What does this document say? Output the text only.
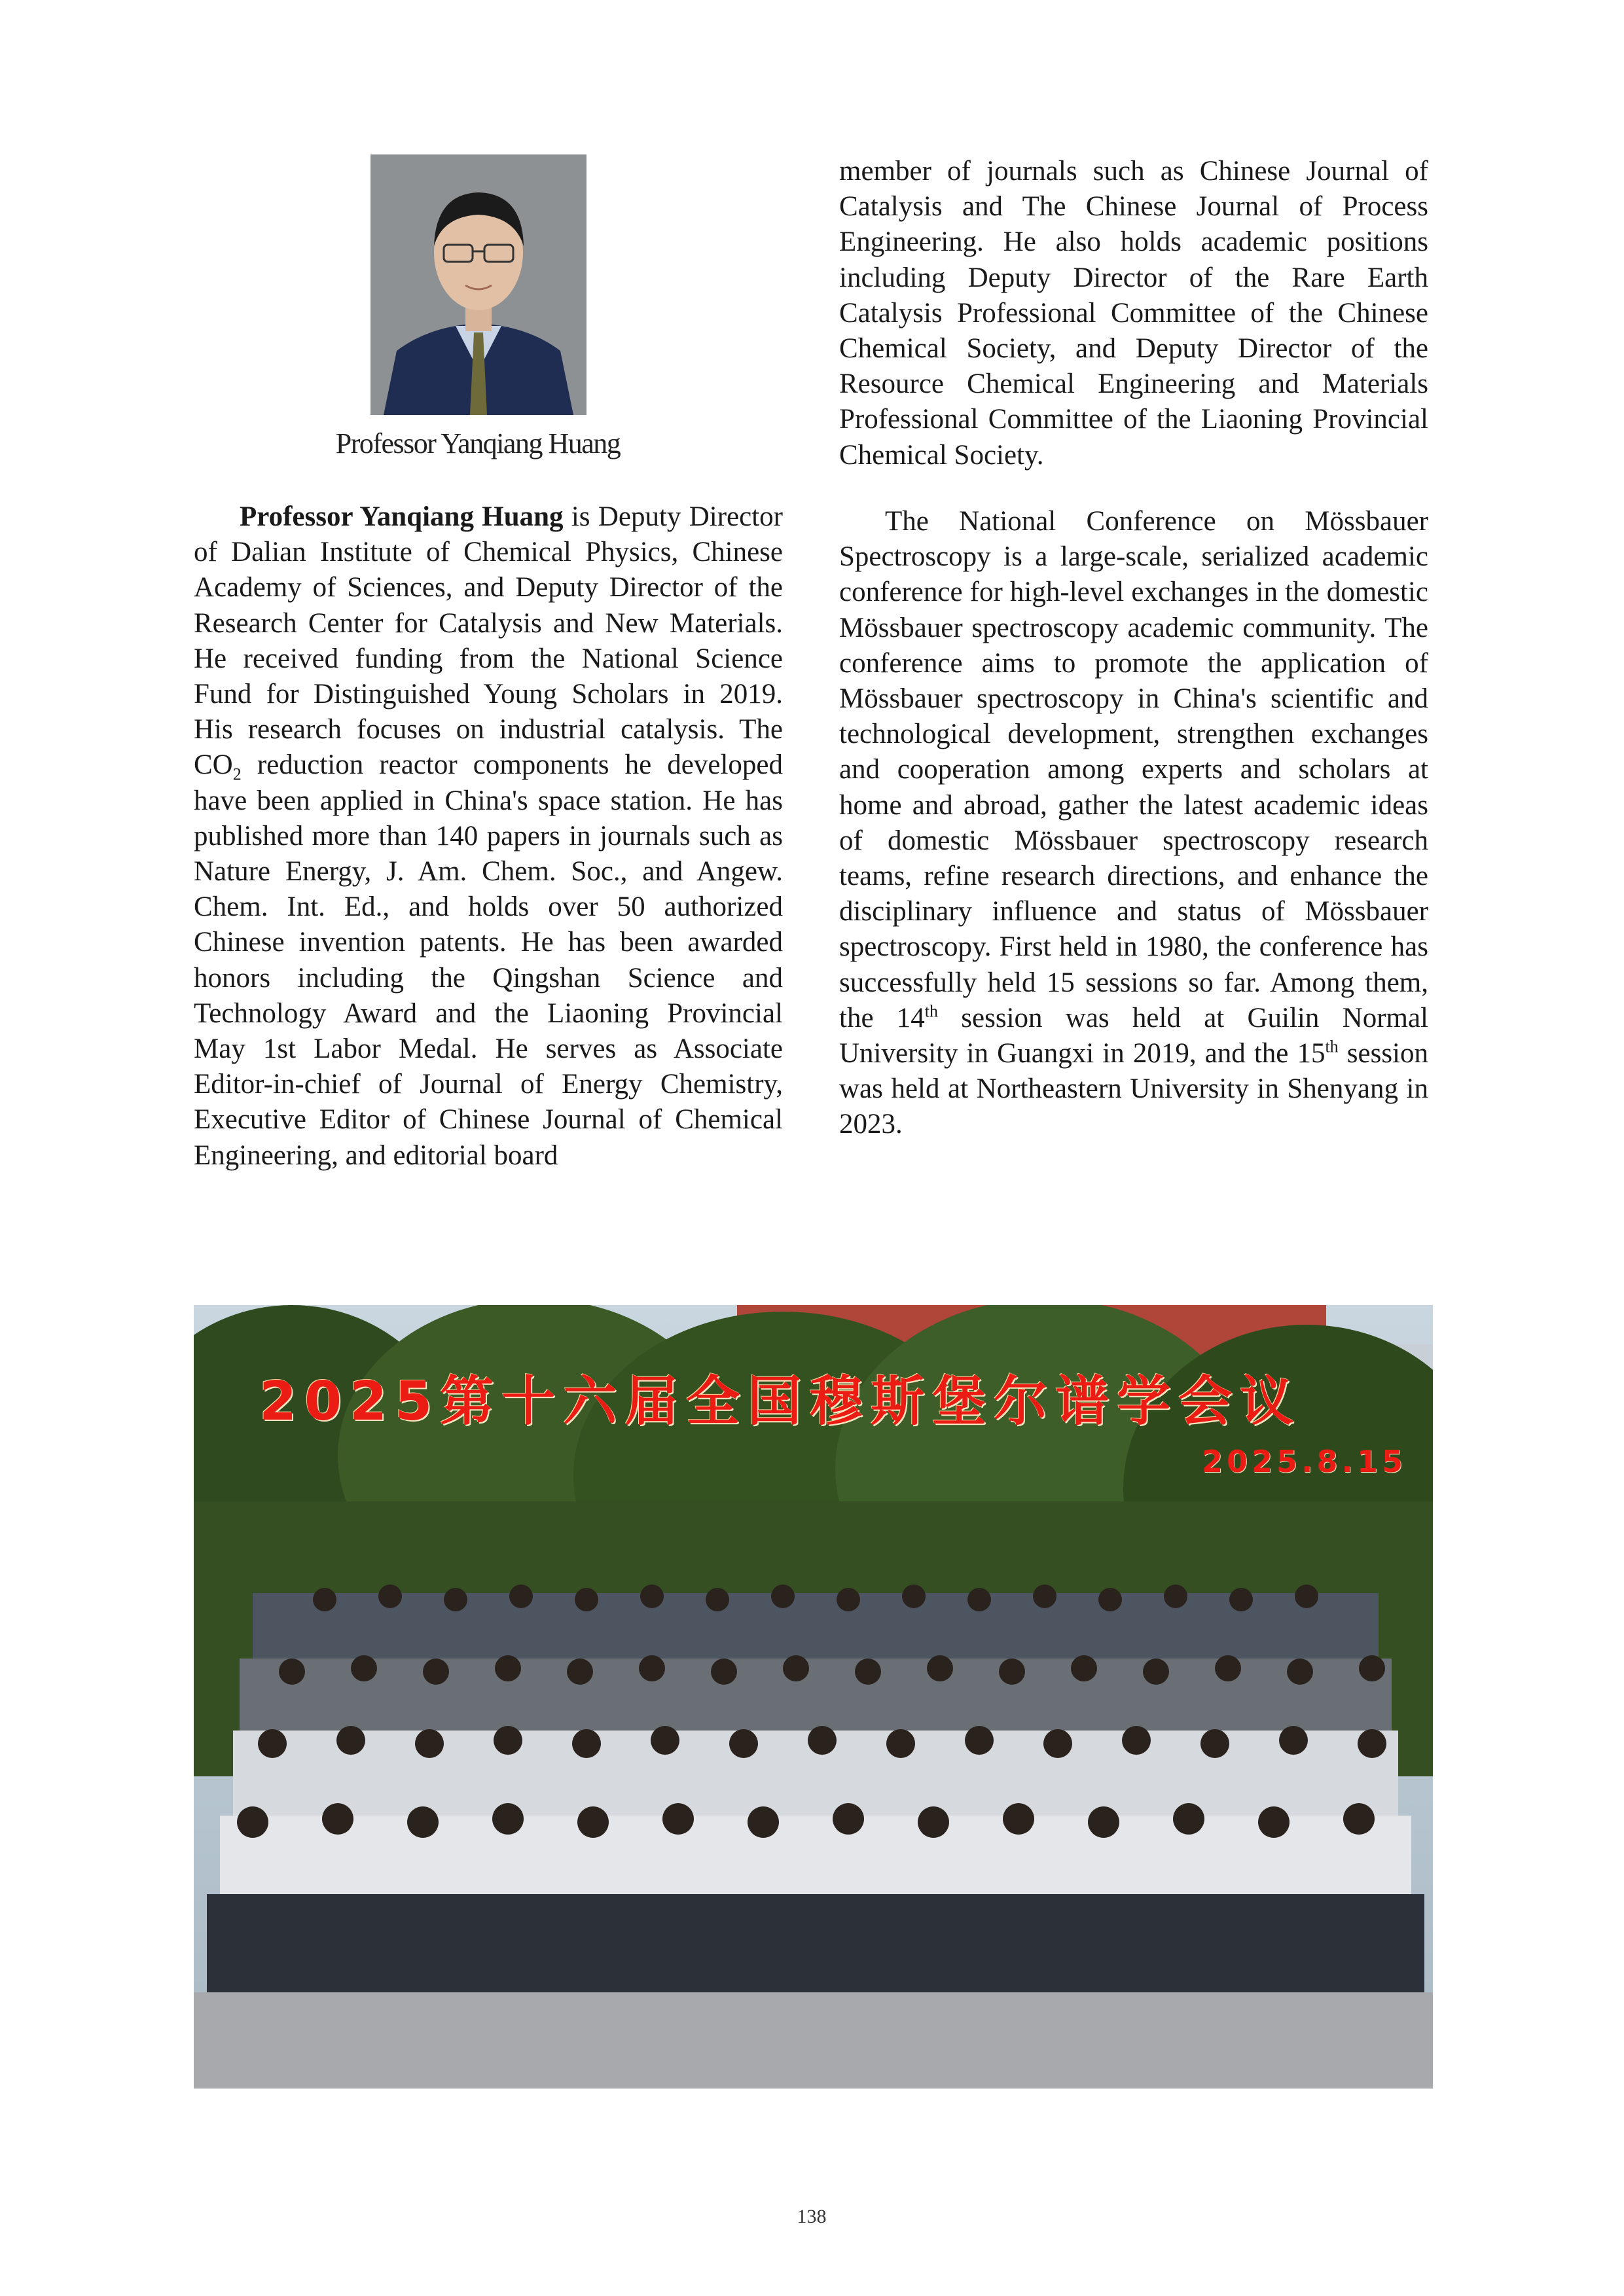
Professor Yanqiang Huang

Professor Yanqiang Huang is Deputy Director of Dalian Institute of Chemical Physics, Chinese Academy of Sciences, and Deputy Director of the Research Center for Catalysis and New Materials. He received funding from the National Science Fund for Distinguished Young Scholars in 2019. His research focuses on industrial catalysis. The $CO_2$ reduction reactor components he developed have been applied in China's space station. He has published more than 140 papers in journals such as Nature Energy, J. Am. Chem. Soc., and Angew. Chem. Int. Ed., and holds over 50 authorized Chinese invention patents. He has been awarded honors including the Qingshan Science and Technology Award and the Liaoning Provincial May 1st Labor Medal. He serves as Associate Editor-in-chief of Journal of Energy Chemistry, Executive Editor of Chinese Journal of Chemical Engineering, and editorial board

member of journals such as Chinese Journal of Catalysis and The Chinese Journal of Process Engineering. He also holds academic positions including Deputy Director of the Rare Earth Catalysis Professional Committee of the Chinese Chemical Society, and Deputy Director of the Resource Chemical Engineering and Materials Professional Committee of the Liaoning Provincial Chemical Society.

The National Conference on Mössbauer Spectroscopy is a large-scale, serialized academic conference for high-level exchanges in the domestic Mössbauer spectroscopy academic community. The conference aims to promote the application of Mössbauer spectroscopy in China's scientific and technological development, strengthen exchanges and cooperation among experts and scholars at home and abroad, gather the latest academic ideas of domestic Mössbauer spectroscopy research teams, refine research directions, and enhance the disciplinary influence and status of Mössbauer spectroscopy. First held in 1980, the conference has successfully held 15 sessions so far. Among them, the 14th session was held at Guilin Normal University in Guangxi in 2019, and the 15th session was held at Northeastern University in Shenyang in 2023.

2025第十六届全国穆斯堡尔谱学会议
2025.8.15
138
